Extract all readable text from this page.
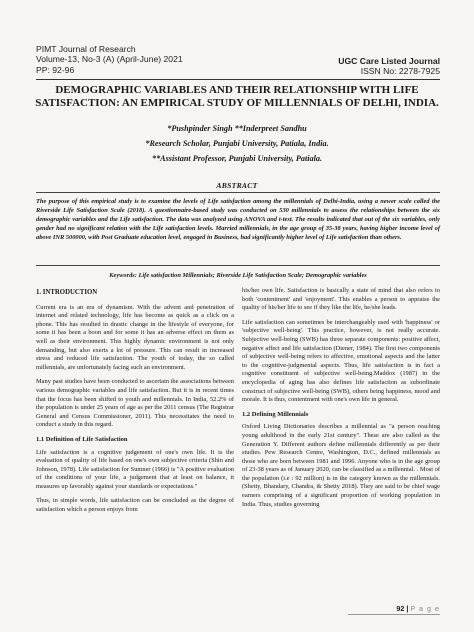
PIMT Journal of Research
Volume-13, No-3 (A) (April-June) 2021
PP: 92-96
UGC Care Listed Journal
ISSN No: 2278-7925
DEMOGRAPHIC VARIABLES AND THEIR RELATIONSHIP WITH LIFE SATISFACTION: AN EMPIRICAL STUDY OF MILLENNIALS OF DELHI, INDIA.
*Pushpinder Singh **Inderpreet Sandhu
*Research Scholar, Punjabi University, Patiala, India.
**Assistant Professor, Punjabi University, Patiala.
ABSTRACT
The purpose of this empirical study is to examine the levels of Life satisfaction among the millennials of Delhi-India, using a newer scale called the Riverside Life Satisfaction Scale (2018). A questionnaire-based study was conducted on 530 millennials to assess the relationships between the six demographic variables and the Life satisfaction. The data was analyzed using ANOVA and t-test. The results indicated that out of the six variables, only gender had no significant relation with the Life satisfaction levels. Married millennials, in the age group of 35-38 years, having higher income level of above INR 500000, with Post Graduate education level, engaged in Business, had significantly higher level of Life satisfaction than others.
Keywords: Life satisfaction Millennials; Riverside Life Satisfaction Scale; Demographic variables
1. INTRODUCTION

Current era is an era of dynamism. With the advent and penetration of internet and related technology, life has become as quick as a click on a phone. This has resulted in drastic change in the lifestyle of everyone, for some it has been a boon and for some it has an adverse effect on them as well as their environment. This highly dynamic environment is not only demanding, but also exerts a lot of pressure. This can result in increased stress and reduced life satisfaction. The youth of today, the so called millennials, are unfortunately facing such an environment.

Many past studies have been conducted to ascertain the associations between various demographic variables and life satisfaction. But it is in recent times that the focus has been shifted to youth and millennials. In India, 52.2% of the population is under 25 years of age as per the 2011 census (The Registrar General and Census Commissioner, 2011). This necessitates the need to conduct a study in this regard.

1.1 Definition of Life Satisfaction

Life satisfaction is a cognitive judgement of one's own life. It is the evaluation of quality of life based on one's own subjective criteria (Shin and Johnson, 1978). Life satisfaction for Sumner (1966) is "A positive evaluation of the conditions of your life, a judgement that at least on balance, it measures up favorably against your standards or expectations."

Thus, in simple words, life satisfaction can be concluded as the degree of satisfaction which a person enjoys from

his/her own life. Satisfaction is basically a state of mind that also refers to both 'contentment' and 'enjoyment'. This enables a person to appraise the quality of his/her life to see if they like the life, he/she leads.

Life satisfaction can sometimes be interchangeably used with 'happiness' or 'subjective well-being'. This practice, however, is not really accurate. Subjective well-being (SWB) has three separate components: positive affect, negative affect and life satisfaction (Diener, 1984). The first two components of subjective well-being refers to affective, emotional aspects and the latter to the cognitive-judgmental aspects. Thus, life satisfaction is in fact a cognitive constituent of subjective well-being.Maddox (1987) in the encyclopedia of aging has also defines life satisfaction as subordinate construct of subjective well-being (SWB), others being happiness, mood and morale. It is thus, contentment with one's own life in general.

1.2 Defining Millennials

Oxford Living Dictionaries describes a millennial as "a person reaching young adulthood in the early 21st century". These are also called as the Generation Y. Different authors define millennials differently as per their studies. Pew Research Centre, Washington, D.C., defined millennials as those who are born between 1981 and 1996. Anyone who is in the age group of 23-38 years as of January 2020, can be classified as a millennial. . Most of the population (i.e : 92 million) is in the category known as the millennials.(Shetty, Bhandary, Chandra, & Shetty 2018). They are said to be chief wage earners comprising of a significant proportion of working population in India. Thus, studies governing

92 | P a g e
